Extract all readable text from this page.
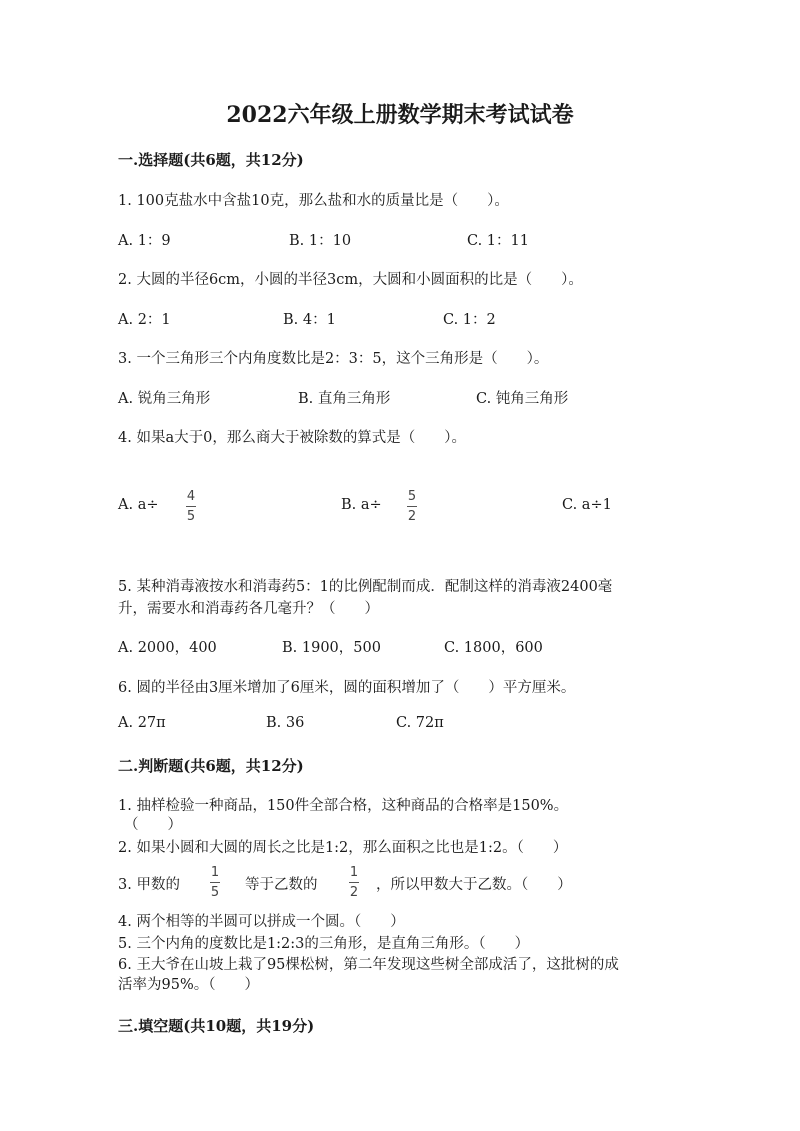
2022六年级上册数学期末考试试卷
一.选择题(共6题，共12分)
1. 100克盐水中含盐10克，那么盐和水的质量比是（　　）。
A. 1：9	B. 1：10	C. 1：11
2. 大圆的半径6cm，小圆的半径3cm，大圆和小圆面积的比是（　　）。
A. 2：1	B. 4：1	C. 1：2
3. 一个三角形三个内角度数比是2：3：5，这个三角形是（　　）。
A. 锐角三角形	B. 直角三角形	C. 钝角三角形
4. 如果a大于0，那么商大于被除数的算式是（　　）。
A. a÷
4
5
B. a÷
5
2
C. a÷1
5. 某种消毒液按水和消毒药5：1的比例配制而成．配制这样的消毒液2400毫
升，需要水和消毒药各几毫升？（　　）
A. 2000，400	B. 1900，500	C. 1800，600
6. 圆的半径由3厘米增加了6厘米，圆的面积增加了（　　）平方厘米。
A. 27π	B. 36	C. 72π
二.判断题(共6题，共12分)
1. 抽样检验一种商品，150件全部合格，这种商品的合格率是150%。
（　　）
2. 如果小圆和大圆的周长之比是1:2，那么面积之比也是1:2。（　　）
3. 甲数的
1
5 等于乙数的
1
2 ，所以甲数大于乙数。（　　）
4. 两个相等的半圆可以拼成一个圆。（　　）
5. 三个内角的度数比是1:2:3的三角形，是直角三角形。（　　）
6. 王大爷在山坡上栽了95棵松树，第二年发现这些树全部成活了，这批树的成
活率为95%。（　　）
三.填空题(共10题，共19分)
